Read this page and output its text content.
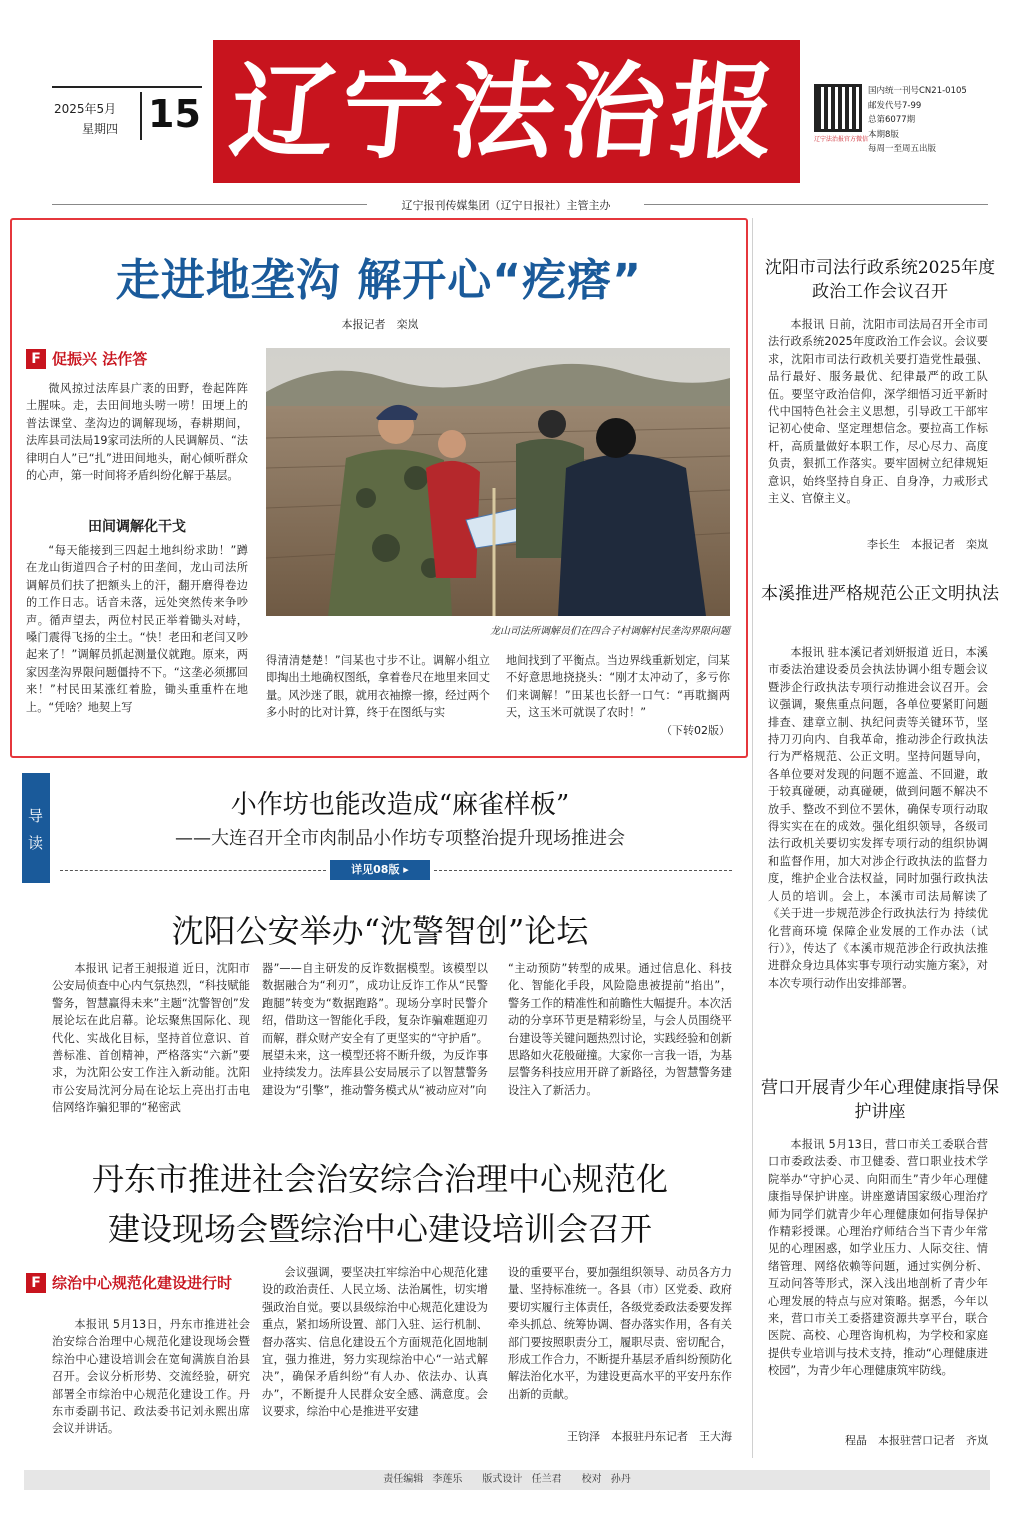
2025年5月
星期四 15 辽宁法治报	辽宁法治报官方微信
国内统一刊号CN21-0105
邮发代号7-99
总第6077期
本期8版
每周一至周五出版
辽宁报刊传媒集团（辽宁日报社）主管主办
走进地垄沟 解开心“疙瘩”
本报记者　栾岚
F 促振兴 法作答
微风掠过法库县广袤的田野，卷起阵阵土腥味。走，去田间地头唠一唠！田埂上的普法课堂、垄沟边的调解现场，春耕期间，法库县司法局19家司法所的人民调解员、“法律明白人”已“扎”进田间地头，耐心倾听群众的心声，第一时间将矛盾纠纷化解于基层。
田间调解化干戈
“每天能接到三四起土地纠纷求助！”蹲在龙山街道四合子村的田垄间，龙山司法所调解员们扶了把额头上的汗，翻开磨得卷边的工作日志。话音未落，远处突然传来争吵声。循声望去，两位村民正举着锄头对峙，嗓门震得飞扬的尘土。“快！老田和老闫又吵起来了！”调解员抓起测量仪就跑。原来，两家因垄沟界限问题僵持不下。“这垄必须挪回来！”村民田某涨红着脸，锄头重重杵在地上。“凭啥？地契上写
龙山司法所调解员们在四合子村调解村民垄沟界限问题
得清清楚楚！”闫某也寸步不让。调解小组立即掏出土地确权图纸，拿着卷尺在地里来回丈量。风沙迷了眼，就用衣袖擦一擦，经过两个多小时的比对计算，终于在图纸与实
地间找到了平衡点。当边界线重新划定，闫某不好意思地挠挠头：“刚才太冲动了，多亏你们来调解！”田某也长舒一口气：“再耽搁两天，这玉米可就误了农时！”
（下转02版）
沈阳市司法行政系统2025年度政治工作会议召开
本报讯 日前，沈阳市司法局召开全市司法行政系统2025年度政治工作会议。会议要求，沈阳市司法行政机关要打造党性最强、品行最好、服务最优、纪律最严的政工队伍。要坚守政治信仰，深学细悟习近平新时代中国特色社会主义思想，引导政工干部牢记初心使命、坚定理想信念。要拉高工作标杆，高质量做好本职工作，尽心尽力、高度负责，狠抓工作落实。要牢固树立纪律规矩意识，始终坚持自身正、自身净，力戒形式主义、官僚主义。
李长生　本报记者　栾岚
本溪推进严格规范公正文明执法
本报讯 驻本溪记者刘妍报道 近日，本溪市委法治建设委员会执法协调小组专题会议暨涉企行政执法专项行动推进会议召开。会议强调，聚焦重点问题，各单位要紧盯问题排查、建章立制、执纪问责等关键环节，坚持刀刃向内、自我革命，推动涉企行政执法行为严格规范、公正文明。坚持问题导向，各单位要对发现的问题不遮盖、不回避，敢于较真碰硬，动真碰硬，做到问题不解决不放手、整改不到位不罢休，确保专项行动取得实实在在的成效。强化组织领导，各级司法行政机关要切实发挥专项行动的组织协调和监督作用，加大对涉企行政执法的监督力度，维护企业合法权益，同时加强行政执法人员的培训。会上，本溪市司法局解读了《关于进一步规范涉企行政执法行为 持续优化营商环境 保障企业发展的工作办法（试行）》，传达了《本溪市规范涉企行政执法推进群众身边具体实事专项行动实施方案》，对本次专项行动作出安排部署。
营口开展青少年心理健康指导保护讲座
本报讯 5月13日，营口市关工委联合营口市委政法委、市卫健委、营口职业技术学院举办“守护心灵、向阳而生”青少年心理健康指导保护讲座。讲座邀请国家级心理治疗师为同学们就青少年心理健康如何指导保护作精彩授课。心理治疗师结合当下青少年常见的心理困惑，如学业压力、人际交往、情绪管理、网络依赖等问题，通过实例分析、互动问答等形式，深入浅出地剖析了青少年心理发展的特点与应对策略。据悉，今年以来，营口市关工委搭建资源共享平台，联合医院、高校、心理咨询机构，为学校和家庭提供专业培训与技术支持，推动“心理健康进校园”，为青少年心理健康筑牢防线。
程晶　本报驻营口记者　齐岚
导读
小作坊也能改造成“麻雀样板”
——大连召开全市肉制品小作坊专项整治提升现场推进会
详见08版 ▸
沈阳公安举办“沈警智创”论坛
本报讯 记者王昶报道 近日，沈阳市公安局侦查中心内气氛热烈，“科技赋能警务，智慧赢得未来”主题“沈警智创”发展论坛在此启幕。论坛聚焦国际化、现代化、实战化目标，坚持首位意识、首善标准、首创精神，严格落实“六新”要求，为沈阳公安工作注入新动能。沈阳市公安局沈河分局在论坛上亮出打击电信网络诈骗犯罪的“秘密武
器”——自主研发的反诈数据模型。该模型以数据融合为“利刃”，成功让反诈工作从“民警跑腿”转变为“数据跑路”。现场分享时民警介绍，借助这一智能化手段，复杂诈骗难题迎刃而解，群众财产安全有了更坚实的“守护盾”。展望未来，这一模型还将不断升级，为反诈事业持续发力。法库县公安局展示了以智慧警务建设为“引擎”，推动警务模式从“被动应对”向
“主动预防”转型的成果。通过信息化、科技化、智能化手段，风险隐患被提前“掐出”，警务工作的精准性和前瞻性大幅提升。本次活动的分享环节更是精彩纷呈，与会人员围绕平台建设等关键问题热烈讨论，实践经验和创新思路如火花般碰撞。大家你一言我一语，为基层警务科技应用开辟了新路径，为智慧警务建设注入了新活力。
丹东市推进社会治安综合治理中心规范化
建设现场会暨综治中心建设培训会召开
F 综治中心规范化建设进行时
本报讯 5月13日，丹东市推进社会治安综合治理中心规范化建设现场会暨综治中心建设培训会在宽甸满族自治县召开。会议分析形势、交流经验，研究部署全市综治中心规范化建设工作。丹东市委副书记、政法委书记刘永熙出席会议并讲话。
会议强调，要坚决扛牢综治中心规范化建设的政治责任、人民立场、法治属性，切实增强政治自觉。要以县级综治中心规范化建设为重点，紧扣场所设置、部门入驻、运行机制、督办落实、信息化建设五个方面规范化固地制宜，强力推进，努力实现综治中心“一站式解决”，确保矛盾纠纷“有人办、依法办、认真办”，不断提升人民群众安全感、满意度。会议要求，综治中心是推进平安建
设的重要平台，要加强组织领导、动员各方力量、坚持标准统一。各县（市）区党委、政府要切实履行主体责任，各级党委政法委要发挥牵头抓总、统筹协调、督办落实作用，各有关部门要按照职责分工，履职尽责、密切配合，形成工作合力，不断提升基层矛盾纠纷预防化解法治化水平，为建设更高水平的平安丹东作出新的贡献。
王钧泽　本报驻丹东记者　王大海
责任编辑 李莲乐　　版式设计 任兰君　　校对 孙丹
